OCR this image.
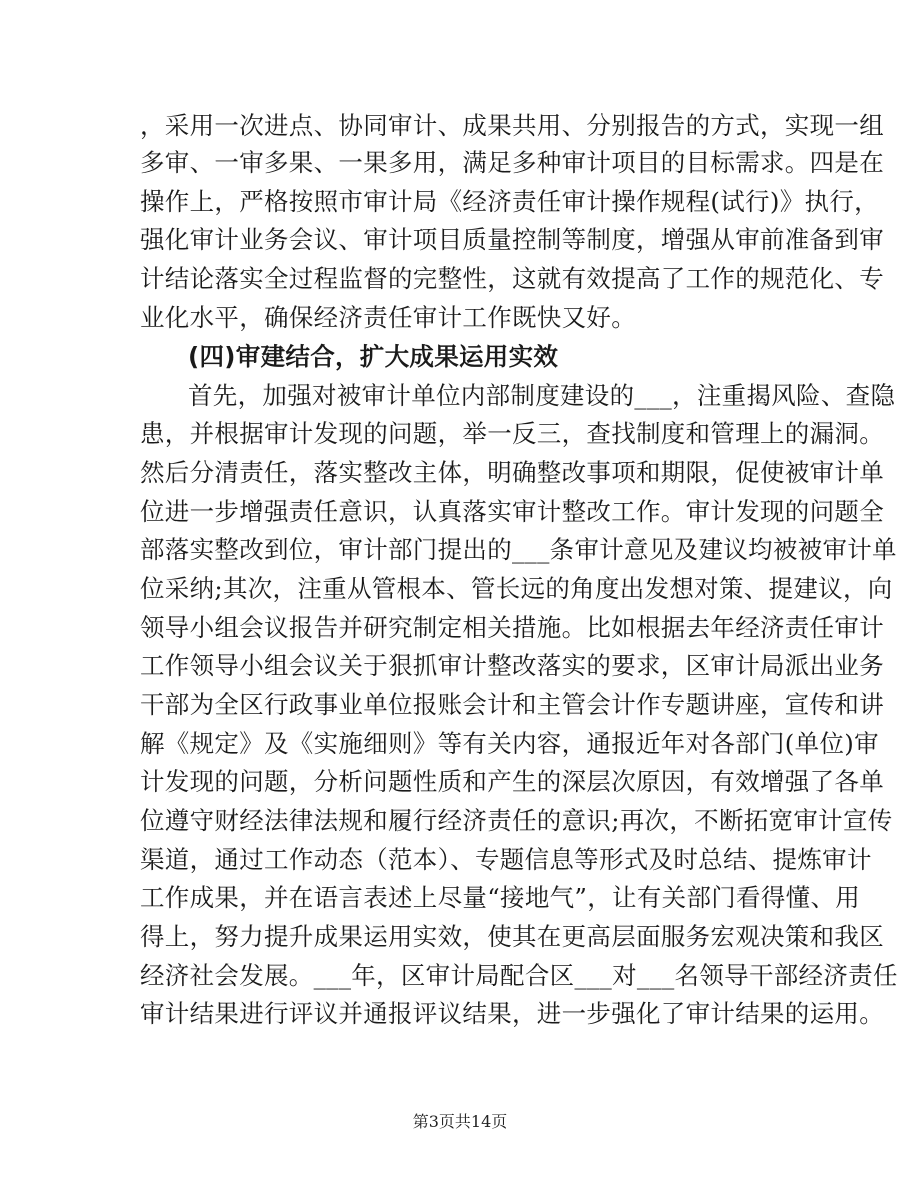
，采用一次进点、协同审计、成果共用、分别报告的方式，实现一组
多审、一审多果、一果多用，满足多种审计项目的目标需求。四是在
操作上，严格按照市审计局《经济责任审计操作规程(试行)》执行，
强化审计业务会议、审计项目质量控制等制度，增强从审前准备到审
计结论落实全过程监督的完整性，这就有效提高了工作的规范化、专
业化水平，确保经济责任审计工作既快又好。
(四)审建结合，扩大成果运用实效
首先，加强对被审计单位内部制度建设的___，注重揭风险、查隐
患，并根据审计发现的问题，举一反三，查找制度和管理上的漏洞。
然后分清责任，落实整改主体，明确整改事项和期限，促使被审计单
位进一步增强责任意识，认真落实审计整改工作。审计发现的问题全
部落实整改到位，审计部门提出的___条审计意见及建议均被被审计单
位采纳;其次，注重从管根本、管长远的角度出发想对策、提建议，向
领导小组会议报告并研究制定相关措施。比如根据去年经济责任审计
工作领导小组会议关于狠抓审计整改落实的要求，区审计局派出业务
干部为全区行政事业单位报账会计和主管会计作专题讲座，宣传和讲
解《规定》及《实施细则》等有关内容，通报近年对各部门(单位)审
计发现的问题，分析问题性质和产生的深层次原因，有效增强了各单
位遵守财经法律法规和履行经济责任的意识;再次，不断拓宽审计宣传
渠道，通过工作动态（范本）、专题信息等形式及时总结、提炼审计
工作成果，并在语言表述上尽量“接地气”，让有关部门看得懂、用
得上，努力提升成果运用实效，使其在更高层面服务宏观决策和我区
经济社会发展。___年，区审计局配合区___对___名领导干部经济责任
审计结果进行评议并通报评议结果，进一步强化了审计结果的运用。
第3页共14页
